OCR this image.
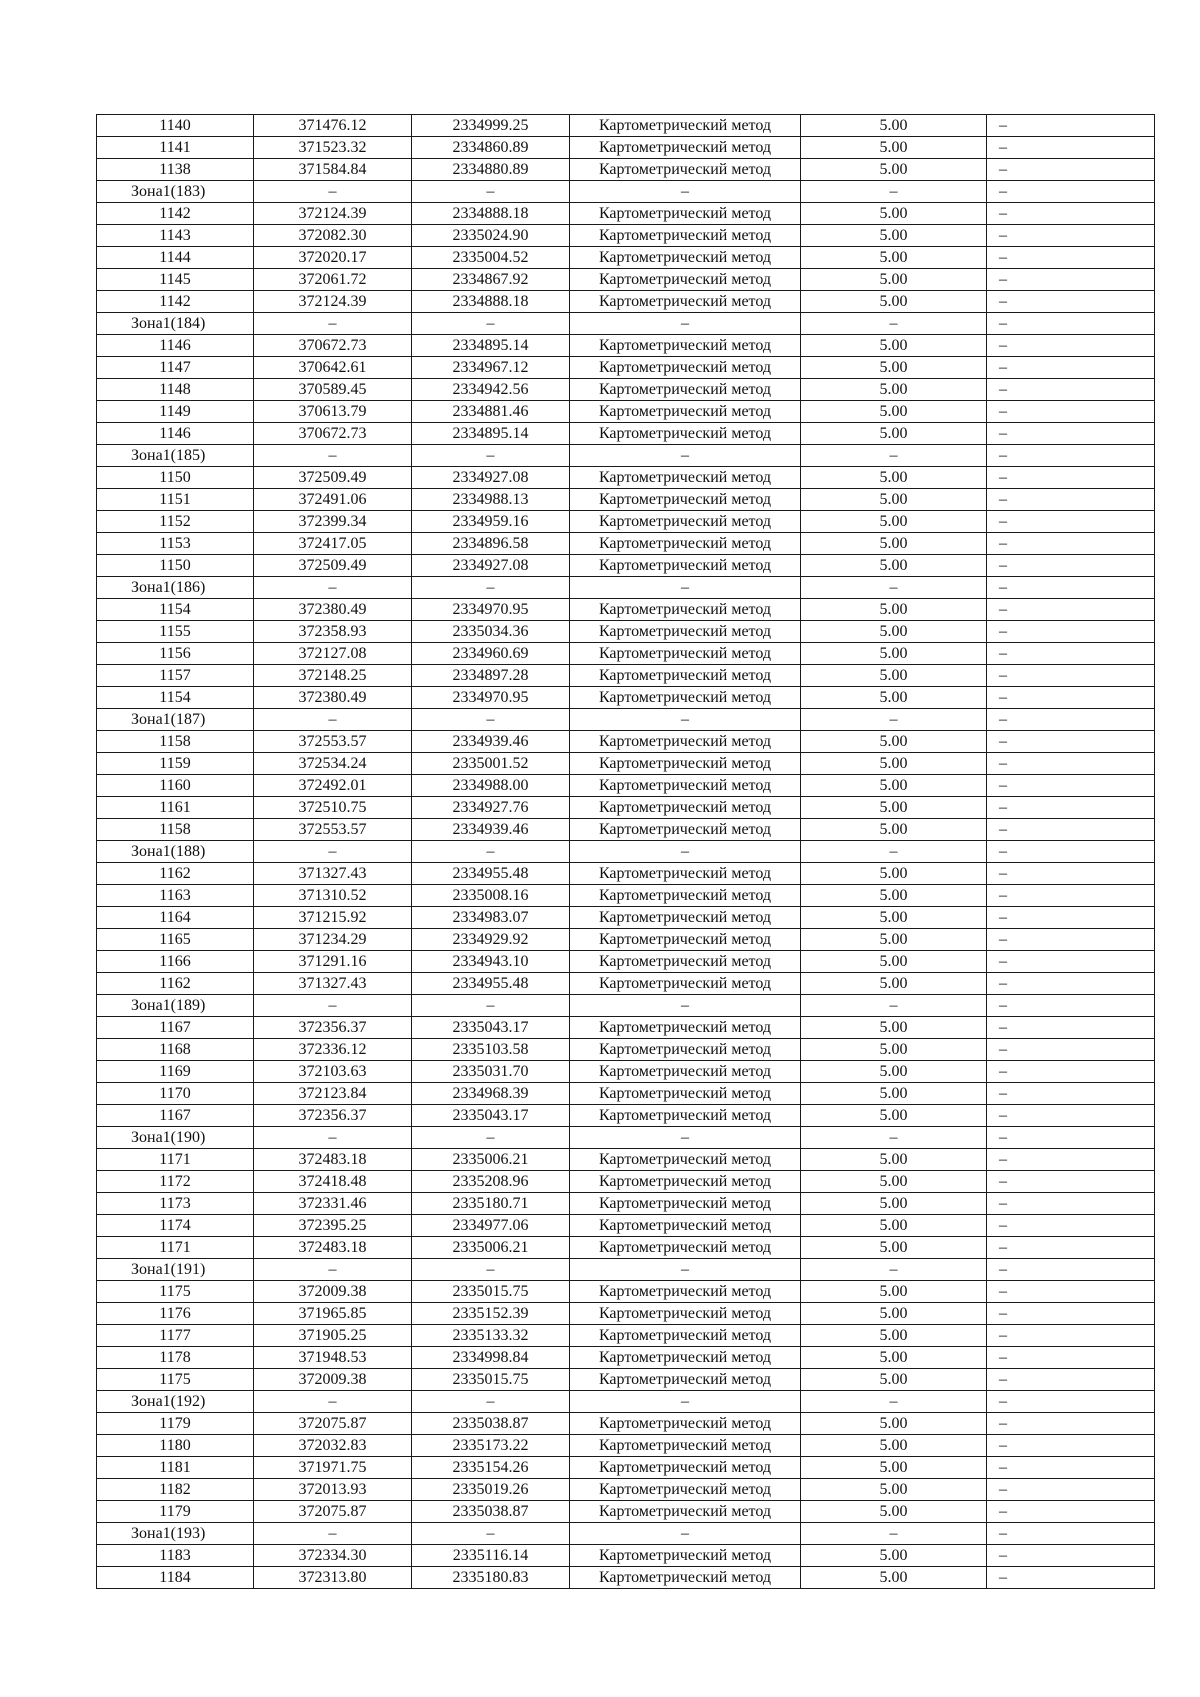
1140	371476.12	2334999.25	Картометрический метод	5.00	–
1141	371523.32	2334860.89	Картометрический метод	5.00	–
1138	371584.84	2334880.89	Картометрический метод	5.00	–
Зона1(183)	–	–	–	–	–
1142	372124.39	2334888.18	Картометрический метод	5.00	–
1143	372082.30	2335024.90	Картометрический метод	5.00	–
1144	372020.17	2335004.52	Картометрический метод	5.00	–
1145	372061.72	2334867.92	Картометрический метод	5.00	–
1142	372124.39	2334888.18	Картометрический метод	5.00	–
Зона1(184)	–	–	–	–	–
1146	370672.73	2334895.14	Картометрический метод	5.00	–
1147	370642.61	2334967.12	Картометрический метод	5.00	–
1148	370589.45	2334942.56	Картометрический метод	5.00	–
1149	370613.79	2334881.46	Картометрический метод	5.00	–
1146	370672.73	2334895.14	Картометрический метод	5.00	–
Зона1(185)	–	–	–	–	–
1150	372509.49	2334927.08	Картометрический метод	5.00	–
1151	372491.06	2334988.13	Картометрический метод	5.00	–
1152	372399.34	2334959.16	Картометрический метод	5.00	–
1153	372417.05	2334896.58	Картометрический метод	5.00	–
1150	372509.49	2334927.08	Картометрический метод	5.00	–
Зона1(186)	–	–	–	–	–
1154	372380.49	2334970.95	Картометрический метод	5.00	–
1155	372358.93	2335034.36	Картометрический метод	5.00	–
1156	372127.08	2334960.69	Картометрический метод	5.00	–
1157	372148.25	2334897.28	Картометрический метод	5.00	–
1154	372380.49	2334970.95	Картометрический метод	5.00	–
Зона1(187)	–	–	–	–	–
1158	372553.57	2334939.46	Картометрический метод	5.00	–
1159	372534.24	2335001.52	Картометрический метод	5.00	–
1160	372492.01	2334988.00	Картометрический метод	5.00	–
1161	372510.75	2334927.76	Картометрический метод	5.00	–
1158	372553.57	2334939.46	Картометрический метод	5.00	–
Зона1(188)	–	–	–	–	–
1162	371327.43	2334955.48	Картометрический метод	5.00	–
1163	371310.52	2335008.16	Картометрический метод	5.00	–
1164	371215.92	2334983.07	Картометрический метод	5.00	–
1165	371234.29	2334929.92	Картометрический метод	5.00	–
1166	371291.16	2334943.10	Картометрический метод	5.00	–
1162	371327.43	2334955.48	Картометрический метод	5.00	–
Зона1(189)	–	–	–	–	–
1167	372356.37	2335043.17	Картометрический метод	5.00	–
1168	372336.12	2335103.58	Картометрический метод	5.00	–
1169	372103.63	2335031.70	Картометрический метод	5.00	–
1170	372123.84	2334968.39	Картометрический метод	5.00	–
1167	372356.37	2335043.17	Картометрический метод	5.00	–
Зона1(190)	–	–	–	–	–
1171	372483.18	2335006.21	Картометрический метод	5.00	–
1172	372418.48	2335208.96	Картометрический метод	5.00	–
1173	372331.46	2335180.71	Картометрический метод	5.00	–
1174	372395.25	2334977.06	Картометрический метод	5.00	–
1171	372483.18	2335006.21	Картометрический метод	5.00	–
Зона1(191)	–	–	–	–	–
1175	372009.38	2335015.75	Картометрический метод	5.00	–
1176	371965.85	2335152.39	Картометрический метод	5.00	–
1177	371905.25	2335133.32	Картометрический метод	5.00	–
1178	371948.53	2334998.84	Картометрический метод	5.00	–
1175	372009.38	2335015.75	Картометрический метод	5.00	–
Зона1(192)	–	–	–	–	–
1179	372075.87	2335038.87	Картометрический метод	5.00	–
1180	372032.83	2335173.22	Картометрический метод	5.00	–
1181	371971.75	2335154.26	Картометрический метод	5.00	–
1182	372013.93	2335019.26	Картометрический метод	5.00	–
1179	372075.87	2335038.87	Картометрический метод	5.00	–
Зона1(193)	–	–	–	–	–
1183	372334.30	2335116.14	Картометрический метод	5.00	–
1184	372313.80	2335180.83	Картометрический метод	5.00	–
